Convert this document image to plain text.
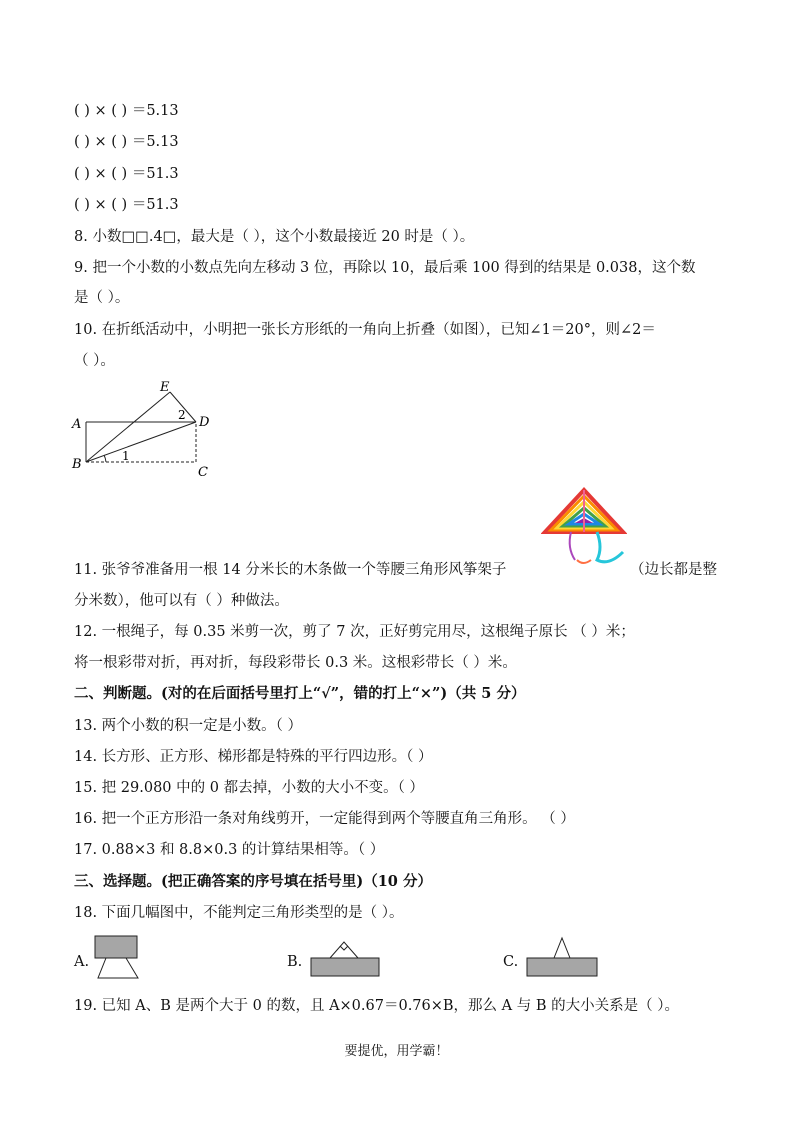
( ) × ( ) ＝5.13
( ) × ( ) ＝5.13
( ) × ( ) ＝51.3
( ) × ( ) ＝51.3
8. 小数□□.4□，最大是（ ），这个小数最接近 20 时是（ ）。
9. 把一个小数的小数点先向左移动 3 位，再除以 10，最后乘 100 得到的结果是 0.038，这个数
是（ ）。
10. 在折纸活动中，小明把一张长方形纸的一角向上折叠（如图），已知∠1＝20°，则∠2＝
（ ）。
A
B
C
D
E
1
2
11. 张爷爷准备用一根 14 分米长的木条做一个等腰三角形风筝架子	（边长都是整
分米数），他可以有（ ）种做法。
12. 一根绳子，每 0.35 米剪一次，剪了 7 次，正好剪完用尽，这根绳子原长 （ ）米；
将一根彩带对折，再对折，每段彩带长 0.3 米。这根彩带长（ ）米。
二、判断题。(对的在后面括号里打上“√”，错的打上“×”)（共 5 分）
13. 两个小数的积一定是小数。（ ）
14. 长方形、正方形、梯形都是特殊的平行四边形。（ ）
15. 把 29.080 中的 0 都去掉，小数的大小不变。（ ）
16. 把一个正方形沿一条对角线剪开，一定能得到两个等腰直角三角形。 （ ）
17. 0.88×3 和 8.8×0.3 的计算结果相等。（ ）
三、选择题。(把正确答案的序号填在括号里)（10 分）
18. 下面几幅图中，不能判定三角形类型的是（ ）。
A.	B.	C.
19. 已知 A、B 是两个大于 0 的数，且 A×0.67＝0.76×B，那么 A 与 B 的大小关系是（ ）。
要提优，用学霸！
